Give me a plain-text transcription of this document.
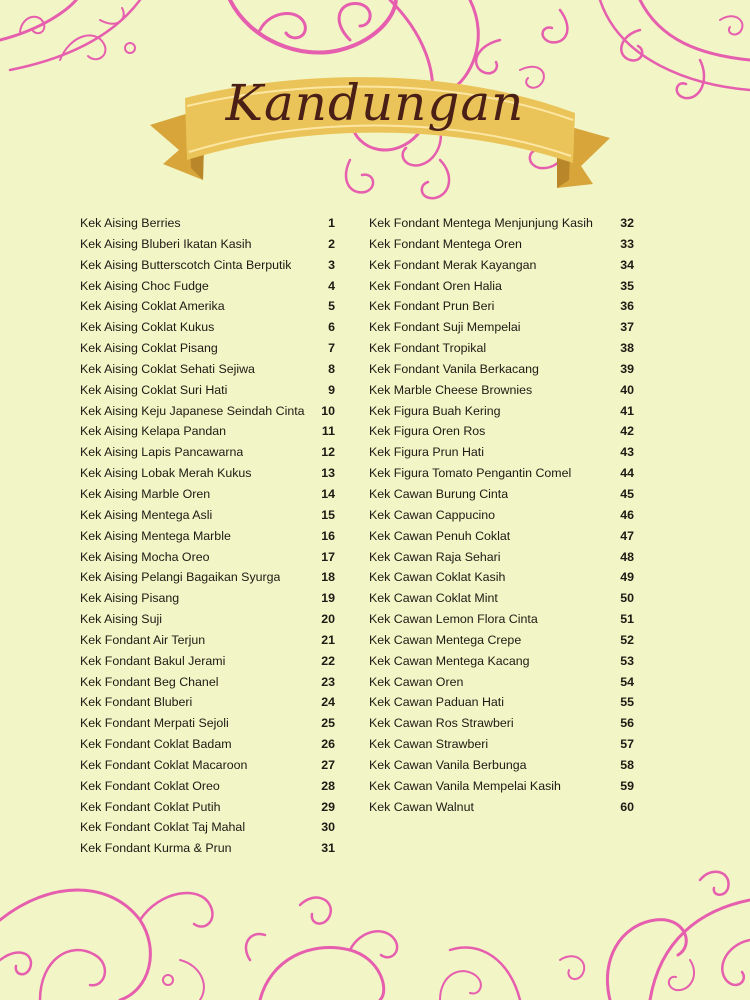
Kandungan
Kek Aising Berries	1
Kek Aising Bluberi Ikatan Kasih	2
Kek Aising Butterscotch Cinta Berputik	3
Kek Aising Choc Fudge	4
Kek Aising Coklat Amerika	5
Kek Aising Coklat Kukus	6
Kek Aising Coklat Pisang	7
Kek Aising Coklat Sehati Sejiwa	8
Kek Aising Coklat Suri Hati	9
Kek Aising Keju Japanese Seindah Cinta 10
Kek Aising Kelapa Pandan	11
Kek Aising Lapis Pancawarna	12
Kek Aising Lobak Merah Kukus	13
Kek Aising Marble Oren	14
Kek Aising Mentega Asli	15
Kek Aising Mentega Marble	16
Kek Aising Mocha Oreo	17
Kek Aising Pelangi Bagaikan Syurga	18
Kek Aising Pisang	19
Kek Aising Suji	20
Kek Fondant Air Terjun	21
Kek Fondant Bakul Jerami	22
Kek Fondant Beg Chanel	23
Kek Fondant Bluberi	24
Kek Fondant Merpati Sejoli	25
Kek Fondant Coklat Badam	26
Kek Fondant Coklat Macaroon	27
Kek Fondant Coklat Oreo	28
Kek Fondant Coklat Putih	29
Kek Fondant Coklat Taj Mahal	30
Kek Fondant Kurma & Prun	31
Kek Fondant Mentega Menjunjung Kasih 32
Kek Fondant Mentega Oren	33
Kek Fondant Merak Kayangan	34
Kek Fondant Oren Halia	35
Kek Fondant Prun Beri	36
Kek Fondant Suji Mempelai	37
Kek Fondant Tropikal	38
Kek Fondant Vanila Berkacang	39
Kek Marble Cheese Brownies	40
Kek Figura Buah Kering	41
Kek Figura Oren Ros	42
Kek Figura Prun Hati	43
Kek Figura Tomato Pengantin Comel	44
Kek Cawan Burung Cinta	45
Kek Cawan Cappucino	46
Kek Cawan Penuh Coklat	47
Kek Cawan Raja Sehari	48
Kek Cawan Coklat Kasih	49
Kek Cawan Coklat Mint	50
Kek Cawan Lemon Flora Cinta	51
Kek Cawan Mentega Crepe	52
Kek Cawan Mentega Kacang	53
Kek Cawan Oren	54
Kek Cawan Paduan Hati	55
Kek Cawan Ros Strawberi	56
Kek Cawan Strawberi	57
Kek Cawan Vanila Berbunga	58
Kek Cawan Vanila Mempelai Kasih	59
Kek Cawan Walnut	60
